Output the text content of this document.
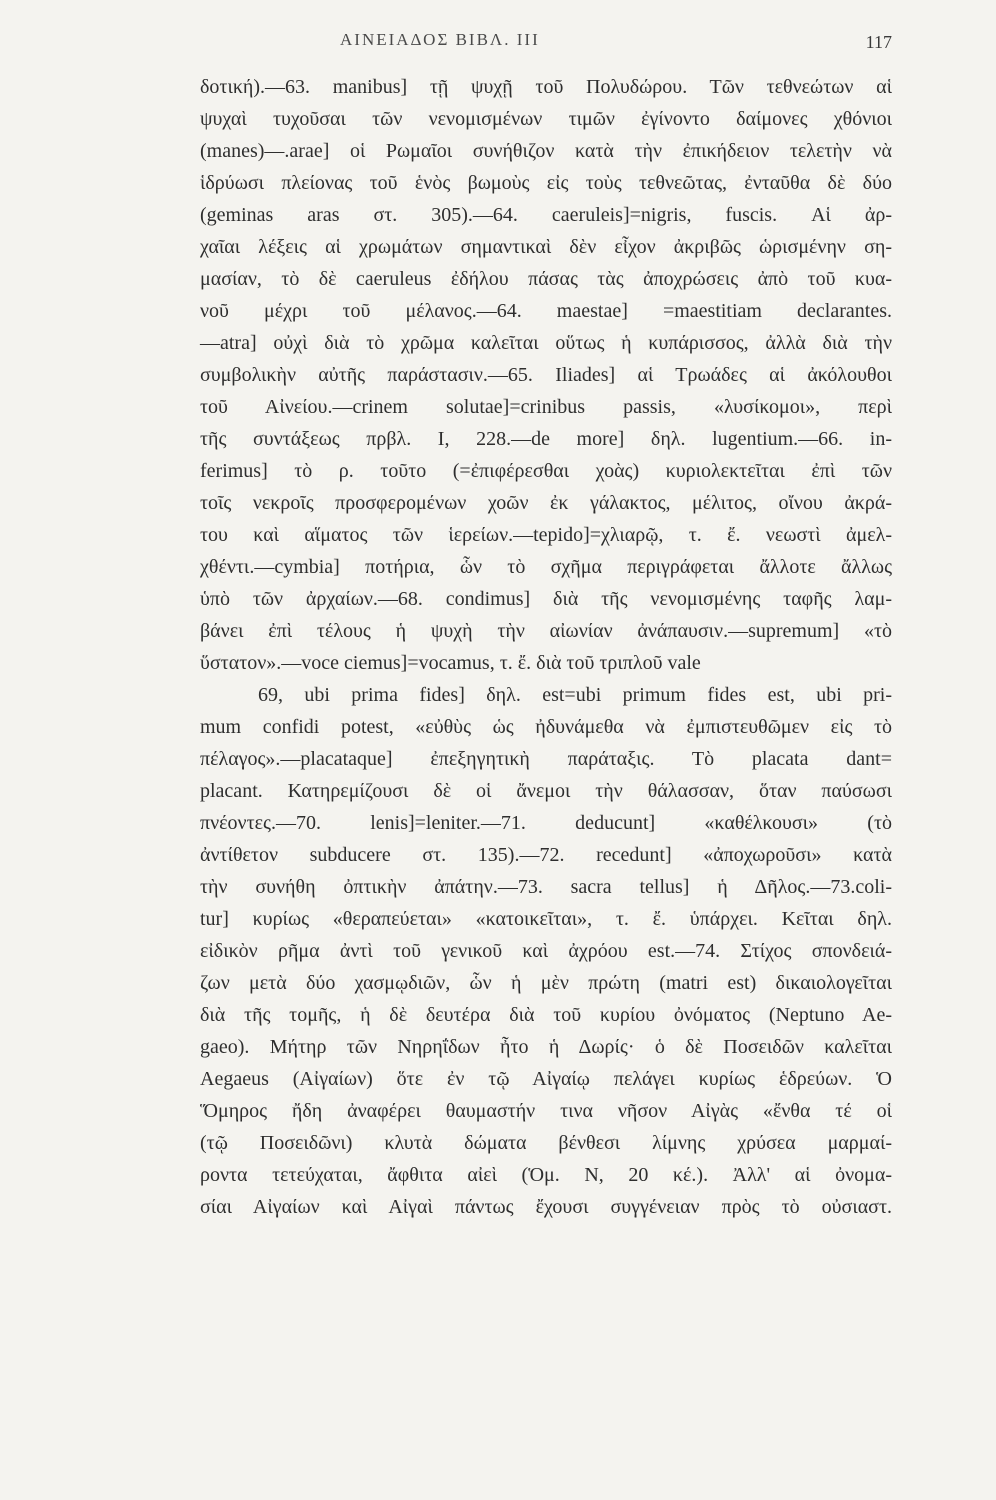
ΑΙΝΕΙΑΔΟΣ ΒΙΒΛ. ΙΙΙ	117
δοτική).—63. manibus] τῇ ψυχῇ τοῦ Πολυδώρου. Τῶν τεθνεώτων αἱ
ψυχαὶ τυχοῦσαι τῶν νενομισμένων τιμῶν ἐγίνοντο δαίμονες χθόνιοι
(manes)—.arae] οἱ Ρωμαῖοι συνήθιζον κατὰ τὴν ἐπικήδειον τελετὴν νὰ
ἱδρύωσι πλείονας τοῦ ἑνὸς βωμοὺς εἰς τοὺς τεθνεῶτας, ἐνταῦθα δὲ δύο
(geminas aras στ. 305).—64. caeruleis]=nigris, fuscis. Αἱ ἀρ-
χαῖαι λέξεις αἱ χρωμάτων σημαντικαὶ δὲν εἶχον ἀκριβῶς ὡρισμένην ση-
μασίαν, τὸ δὲ caeruleus ἐδήλου πάσας τὰς ἀποχρώσεις ἀπὸ τοῦ κυα-
νοῦ μέχρι τοῦ μέλανος.—64. maestae] =maestitiam declarantes.
—atra] οὐχὶ διὰ τὸ χρῶμα καλεῖται οὕτως ἡ κυπάρισσος, ἀλλὰ διὰ τὴν
συμβολικὴν αὐτῆς παράστασιν.—65. Iliades] αἱ Τρωάδες αἱ ἀκόλουθοι
τοῦ Αἰνείου.—crinem solutae]=crinibus passis, «λυσίκομοι», περὶ
τῆς συντάξεως πρβλ. I, 228.—de more] δηλ. lugentium.—66. in-
ferimus] τὸ ρ. τοῦτο (=ἐπιφέρεσθαι χοὰς) κυριολεκτεῖται ἐπὶ τῶν
τοῖς νεκροῖς προσφερομένων χοῶν ἐκ γάλακτος, μέλιτος, οἴνου ἀκρά-
του καὶ αἵματος τῶν ἱερείων.—tepido]=χλιαρῷ, τ. ἔ. νεωστὶ ἀμελ-
χθέντι.—cymbia] ποτήρια, ὧν τὸ σχῆμα περιγράφεται ἄλλοτε ἄλλως
ὑπὸ τῶν ἀρχαίων.—68. condimus] διὰ τῆς νενομισμένης ταφῆς λαμ-
βάνει ἐπὶ τέλους ἡ ψυχὴ τὴν αἰωνίαν ἀνάπαυσιν.—supremum] «τὸ
ὕστατον».—voce ciemus]=vocamus, τ. ἔ. διὰ τοῦ τριπλοῦ vale
69, ubi prima fides] δηλ. est=ubi primum fides est, ubi pri-
mum confidi potest, «εὐθὺς ὡς ἠδυνάμεθα νὰ ἐμπιστευθῶμεν εἰς τὸ
πέλαγος».—placataque] ἐπεξηγητικὴ παράταξις. Τὸ placata dant=
placant. Κατηρεμίζουσι δὲ οἱ ἄνεμοι τὴν θάλασσαν, ὅταν παύσωσι
πνέοντες.—70. lenis]=leniter.—71. deducunt] «καθέλκουσι» (τὸ
ἀντίθετον subducere στ. 135).—72. recedunt] «ἀποχωροῦσι» κατὰ
τὴν συνήθη ὀπτικὴν ἀπάτην.—73. sacra tellus] ἡ Δῆλος.—73.coli-
tur] κυρίως «θεραπεύεται» «κατοικεῖται», τ. ἔ. ὑπάρχει. Κεῖται δηλ.
εἰδικὸν ρῆμα ἀντὶ τοῦ γενικοῦ καὶ ἀχρόου est.—74. Στίχος σπονδειά-
ζων μετὰ δύο χασμῳδιῶν, ὧν ἡ μὲν πρώτη (matri est) δικαιολογεῖται
διὰ τῆς τομῆς, ἡ δὲ δευτέρα διὰ τοῦ κυρίου ὀνόματος (Neptuno Ae-
gaeo). Μήτηρ τῶν Νηρηΐδων ἦτο ἡ Δωρίς· ὁ δὲ Ποσειδῶν καλεῖται
Aegaeus (Αἰγαίων) ὅτε ἐν τῷ Αἰγαίῳ πελάγει κυρίως ἑδρεύων. Ὁ
Ὅμηρος ἤδη ἀναφέρει θαυμαστήν τινα νῆσον Αἰγὰς «ἔνθα τέ οἱ
(τῷ Ποσειδῶνι) κλυτὰ δώματα βένθεσι λίμνης χρύσεα μαρμαί-
ροντα τετεύχαται, ἄφθιτα αἰεὶ (Ὁμ. Ν, 20 κέ.). Ἀλλ' αἱ ὀνομα-
σίαι Αἰγαίων καὶ Αἰγαὶ πάντως ἔχουσι συγγένειαν πρὸς τὸ οὐσιαστ.
